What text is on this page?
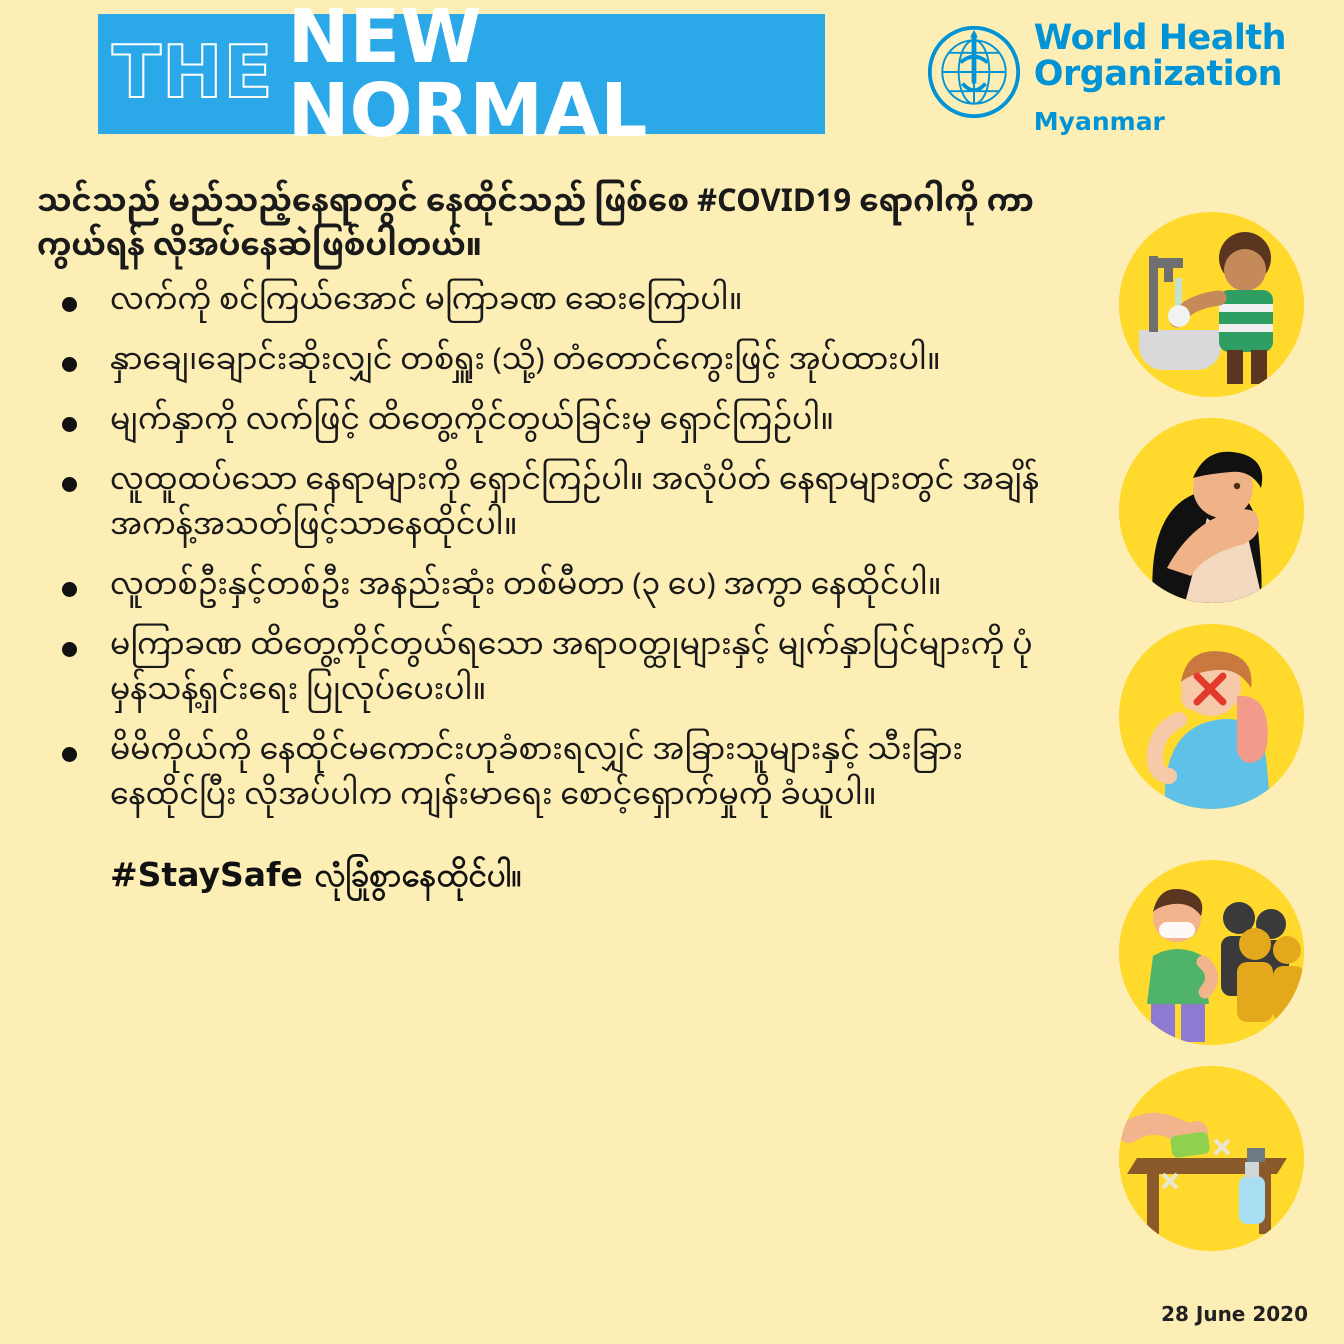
THE NEW NORMAL
World Health
Organization
Myanmar
သင်သည် မည်သည့်နေရာတွင် နေထိုင်သည် ဖြစ်စေ #COVID19 ရောဂါကို ကာကွယ်ရန် လိုအပ်နေဆဲဖြစ်ပါတယ်။
လက်ကို စင်ကြယ်အောင် မကြာခဏ ဆေးကြောပါ။
နှာချေ၊ချောင်းဆိုးလျှင် တစ်ရှူး (သို့) တံတောင်ကွေးဖြင့် အုပ်ထားပါ။
မျက်နှာကို လက်ဖြင့် ထိတွေ့ကိုင်တွယ်ခြင်းမှ ရှောင်ကြဉ်ပါ။
လူထူထပ်သော နေရာများကို ရှောင်ကြဉ်ပါ။ အလုံပိတ် နေရာများတွင် အချိန်အကန့်အသတ်ဖြင့်သာနေထိုင်ပါ။
လူတစ်ဦးနှင့်တစ်ဦး အနည်းဆုံး တစ်မီတာ (၃ ပေ) အကွာ နေထိုင်ပါ။
မကြာခဏ ထိတွေ့ကိုင်တွယ်ရသော အရာဝတ္ထုများနှင့် မျက်နှာပြင်များကို ပုံမှန်သန့်ရှင်းရေး ပြုလုပ်ပေးပါ။
မိမိကိုယ်ကို နေထိုင်မကောင်းဟုခံစားရလျှင် အခြားသူများနှင့် သီးခြားနေထိုင်ပြီး လိုအပ်ပါက ကျန်းမာရေး စောင့်ရှောက်မှုကို ခံယူပါ။
#StaySafe လုံခြုံစွာနေထိုင်ပါ။
28 June 2020
